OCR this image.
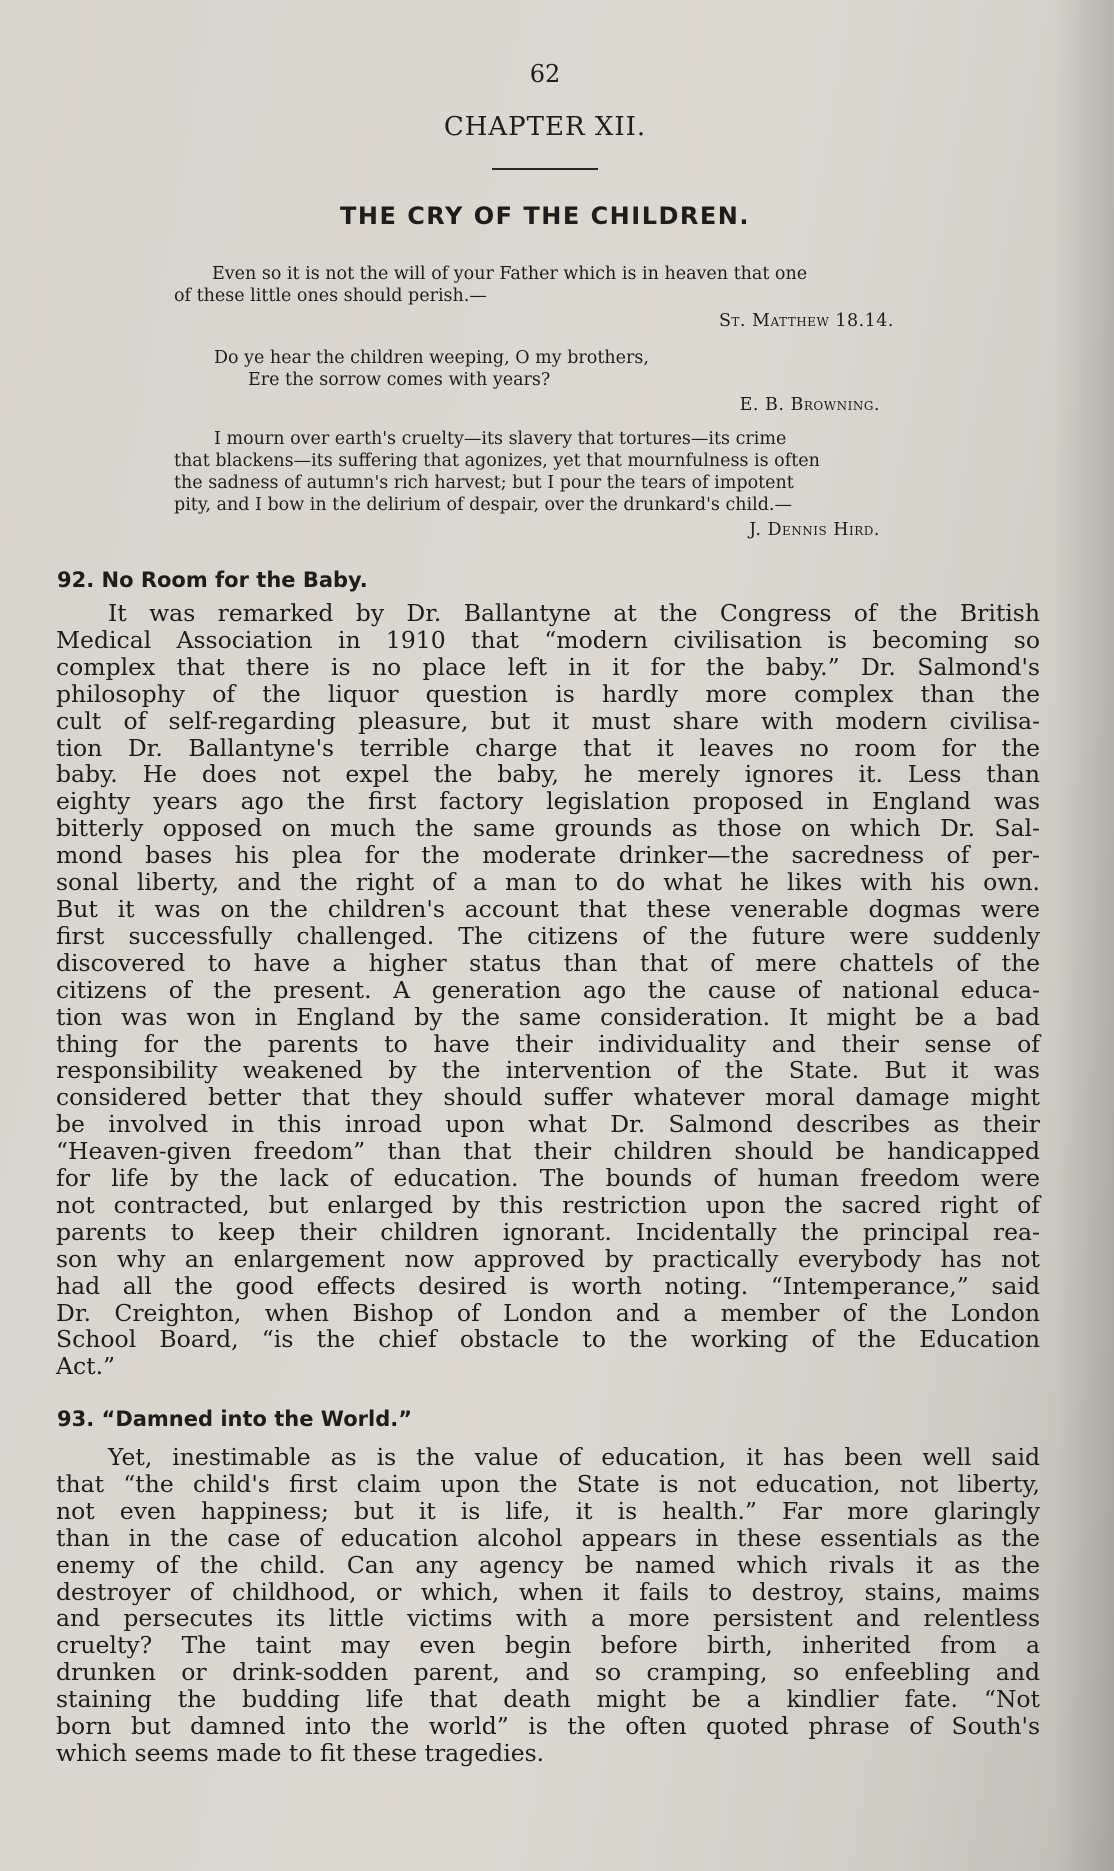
62
CHAPTER XII.
THE CRY OF THE CHILDREN.
Even so it is not the will of your Father which is in heaven that one
of these little ones should perish.—
St. Matthew 18.14.
Do ye hear the children weeping, O my brothers,
Ere the sorrow comes with years?
E. B. Browning.
I mourn over earth's cruelty—its slavery that tortures—its crime
that blackens—its suffering that agonizes, yet that mournfulness is often
the sadness of autumn's rich harvest; but I pour the tears of impotent
pity, and I bow in the delirium of despair, over the drunkard's child.—
J. Dennis Hird.
92. No Room for the Baby.
It was remarked by Dr. Ballantyne at the Congress of the British
Medical Association in 1910 that “modern civilisation is becoming so
complex that there is no place left in it for the baby.” Dr. Salmond's
philosophy of the liquor question is hardly more complex than the
cult of self-regarding pleasure, but it must share with modern civilisa-
tion Dr. Ballantyne's terrible charge that it leaves no room for the
baby. He does not expel the baby, he merely ignores it. Less than
eighty years ago the first factory legislation proposed in England was
bitterly opposed on much the same grounds as those on which Dr. Sal-
mond bases his plea for the moderate drinker—the sacredness of per-
sonal liberty, and the right of a man to do what he likes with his own.
But it was on the children's account that these venerable dogmas were
first successfully challenged. The citizens of the future were suddenly
discovered to have a higher status than that of mere chattels of the
citizens of the present. A generation ago the cause of national educa-
tion was won in England by the same consideration. It might be a bad
thing for the parents to have their individuality and their sense of
responsibility weakened by the intervention of the State. But it was
considered better that they should suffer whatever moral damage might
be involved in this inroad upon what Dr. Salmond describes as their
“Heaven-given freedom” than that their children should be handicapped
for life by the lack of education. The bounds of human freedom were
not contracted, but enlarged by this restriction upon the sacred right of
parents to keep their children ignorant. Incidentally the principal rea-
son why an enlargement now approved by practically everybody has not
had all the good effects desired is worth noting. “Intemperance,” said
Dr. Creighton, when Bishop of London and a member of the London
School Board, “is the chief obstacle to the working of the Education
Act.”
93. “Damned into the World.”
Yet, inestimable as is the value of education, it has been well said
that “the child's first claim upon the State is not education, not liberty,
not even happiness; but it is life, it is health.” Far more glaringly
than in the case of education alcohol appears in these essentials as the
enemy of the child. Can any agency be named which rivals it as the
destroyer of childhood, or which, when it fails to destroy, stains, maims
and persecutes its little victims with a more persistent and relentless
cruelty? The taint may even begin before birth, inherited from a
drunken or drink-sodden parent, and so cramping, so enfeebling and
staining the budding life that death might be a kindlier fate. “Not
born but damned into the world” is the often quoted phrase of South's
which seems made to fit these tragedies.
